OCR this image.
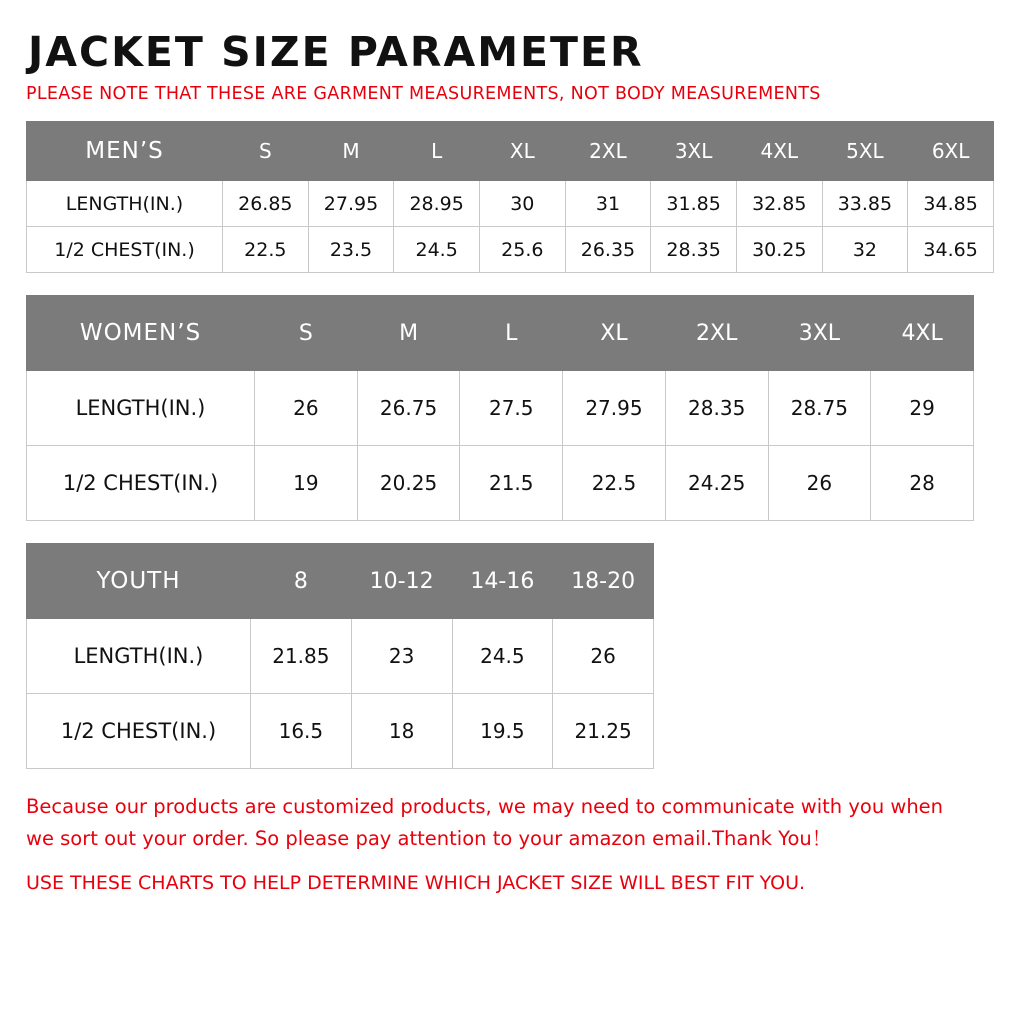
JACKET SIZE PARAMETER
PLEASE NOTE THAT THESE ARE GARMENT MEASUREMENTS, NOT BODY MEASUREMENTS
MEN’S	S	M	L	XL	2XL	3XL	4XL	5XL	6XL
LENGTH(IN.)	26.85	27.95	28.95	30	31	31.85	32.85	33.85	34.85
1/2 CHEST(IN.)	22.5	23.5	24.5	25.6	26.35	28.35	30.25	32	34.65
WOMEN’S	S	M	L	XL	2XL	3XL	4XL
LENGTH(IN.)	26	26.75	27.5	27.95	28.35	28.75	29
1/2 CHEST(IN.)	19	20.25	21.5	22.5	24.25	26	28
YOUTH	8	10-12	14-16	18-20
LENGTH(IN.)	21.85	23	24.5	26
1/2 CHEST(IN.)	16.5	18	19.5	21.25

Because our products are customized products, we may need to communicate with you when we sort out your order. So please pay attention to your amazon email.Thank You！

USE THESE CHARTS TO HELP DETERMINE WHICH JACKET SIZE WILL BEST FIT YOU.
